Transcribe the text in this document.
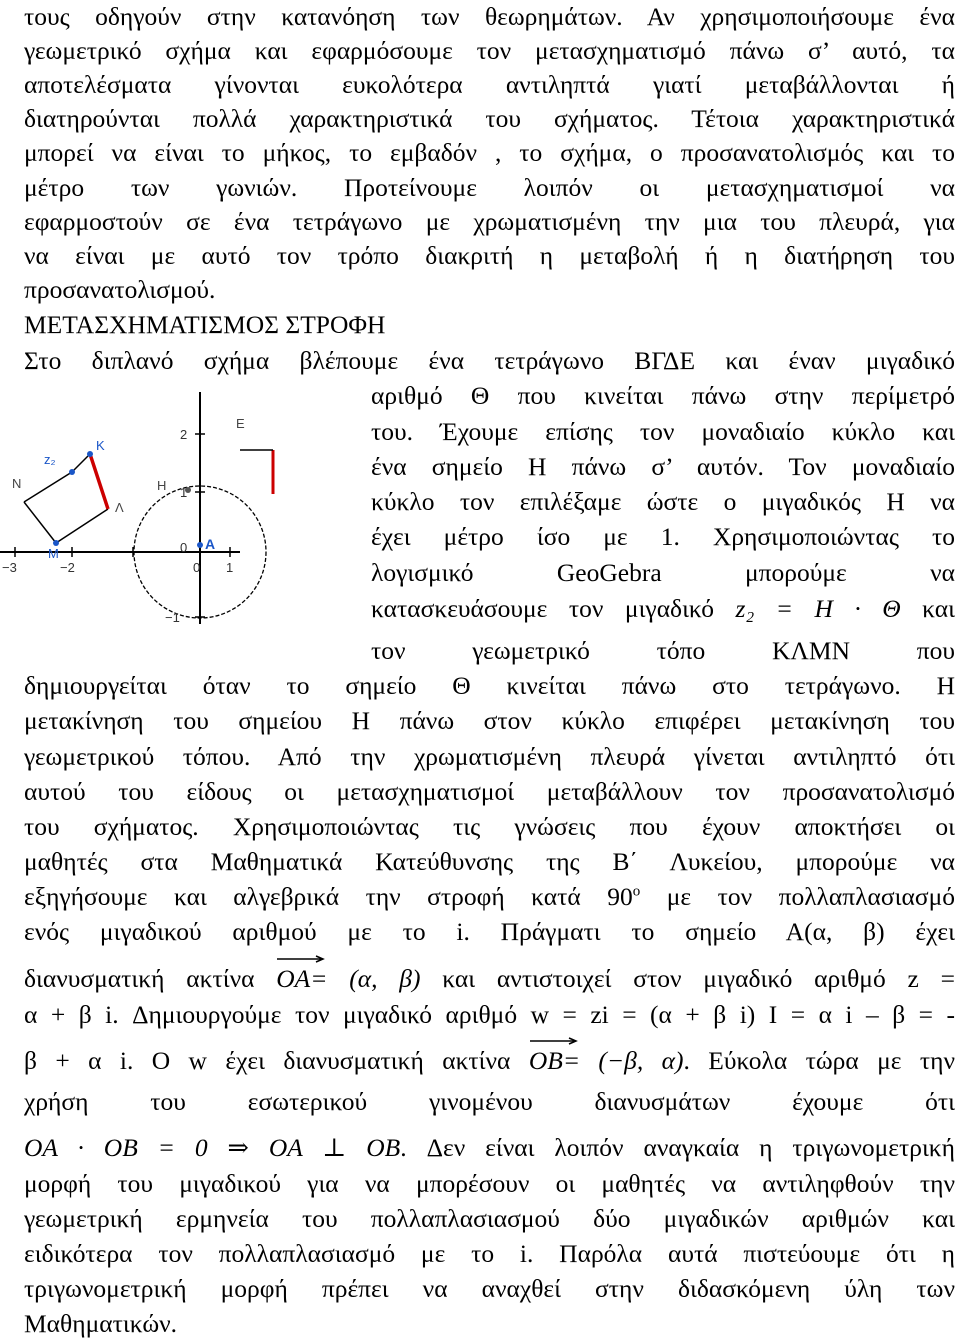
τους οδηγούν στην κατανόηση των θεωρημάτων. Αν χρησιμοποιήσουμε ένα
γεωμετρικό σχήμα και εφαρμόσουμε τον μετασχηματισμό πάνω σ’ αυτό, τα
αποτελέσματα γίνονται ευκολότερα αντιληπτά γιατί μεταβάλλονται ή
διατηρούνται πολλά χαρακτηριστικά του σχήματος. Τέτοια χαρακτηριστικά
μπορεί να είναι το μήκος, το εμβαδόν , το σχήμα, ο προσανατολισμός και το
μέτρο των γωνιών. Προτείνουμε λοιπόν οι μετασχηματισμοί να
εφαρμοστούν σε ένα τετράγωνο με χρωματισμένη την μια του πλευρά, για
να είναι με αυτό τον τρόπο διακριτή η μεταβολή ή η διατήρηση του
προσανατολισμού.
ΜΕΤΑΣΧΗΜΑΤΙΣΜΟΣ ΣΤΡΟΦΗ
Στο διπλανό σχήμα βλέπουμε ένα τετράγωνο ΒΓΔΕ και έναν μιγαδικό
αριθμό Θ που κινείται πάνω στην περίμετρό
του. Έχουμε επίσης τον μοναδιαίο κύκλο και
ένα σημείο Η πάνω σ’ αυτόν. Τον μοναδιαίο
κύκλο τον επιλέξαμε ώστε ο μιγαδικός Η να
έχει μέτρο ίσο με 1. Χρησιμοποιώντας το
λογισμικό GeoGebra μπορούμε να
κατασκευάσουμε τον μιγαδικό z₂ = H · Θ και
τον γεωμετρικό τόπο ΚΛΜΝ που
δημιουργείται όταν το σημείο Θ κινείται πάνω στο τετράγωνο. Η
μετακίνηση του σημείου Η πάνω στον κύκλο επιφέρει μετακίνηση του
γεωμετρικού τόπου. Από την χρωματισμένη πλευρά γίνεται αντιληπτό ότι
αυτού του είδους οι μετασχηματισμοί μεταβάλλουν τον προσανατολισμό
του σχήματος. Χρησιμοποιώντας τις γνώσεις που έχουν αποκτήσει οι
μαθητές στα Μαθηματικά Κατεύθυνσης της Β΄ Λυκείου, μπορούμε να
εξηγήσουμε και αλγεβρικά την στροφή κατά 90$^o$ με τον πολλαπλασιασμό
ενός μιγαδικού αριθμού με το i. Πράγματι το σημείο Α(α, β) έχει
διανυσματική ακτίνα OA= (α, β) και αντιστοιχεί στον μιγαδικό αριθμό z =
α + β i. Δημιουργούμε τον μιγαδικό αριθμό w = zi = (α + β i) I = α i – β = -
β + α i. Ο w έχει διανυσματική ακτίνα OB= (−β, α). Εύκολα τώρα με την
χρήση του εσωτερικού γινομένου διανυσμάτων έχουμε ότι
OA · OB = 0 ⇒ OA ⊥ OB. Δεν είναι λοιπόν αναγκαία η τριγωνομετρική
μορφή του μιγαδικού για να μπορέσουν οι μαθητές να αντιληφθούν την
γεωμετρική ερμηνεία του πολλαπλασιασμού δύο μιγαδικών αριθμών και
ειδικότερα τον πολλαπλασιασμό με το i. Παρόλα αυτά πιστεύουμε ότι η
τριγωνομετρική μορφή πρέπει να αναχθεί στην διδασκόμενη ύλη των
Μαθηματικών.
2
1
0
−3	−2	0 1
−1
E
K
z₂
N
Λ
H
M
A
